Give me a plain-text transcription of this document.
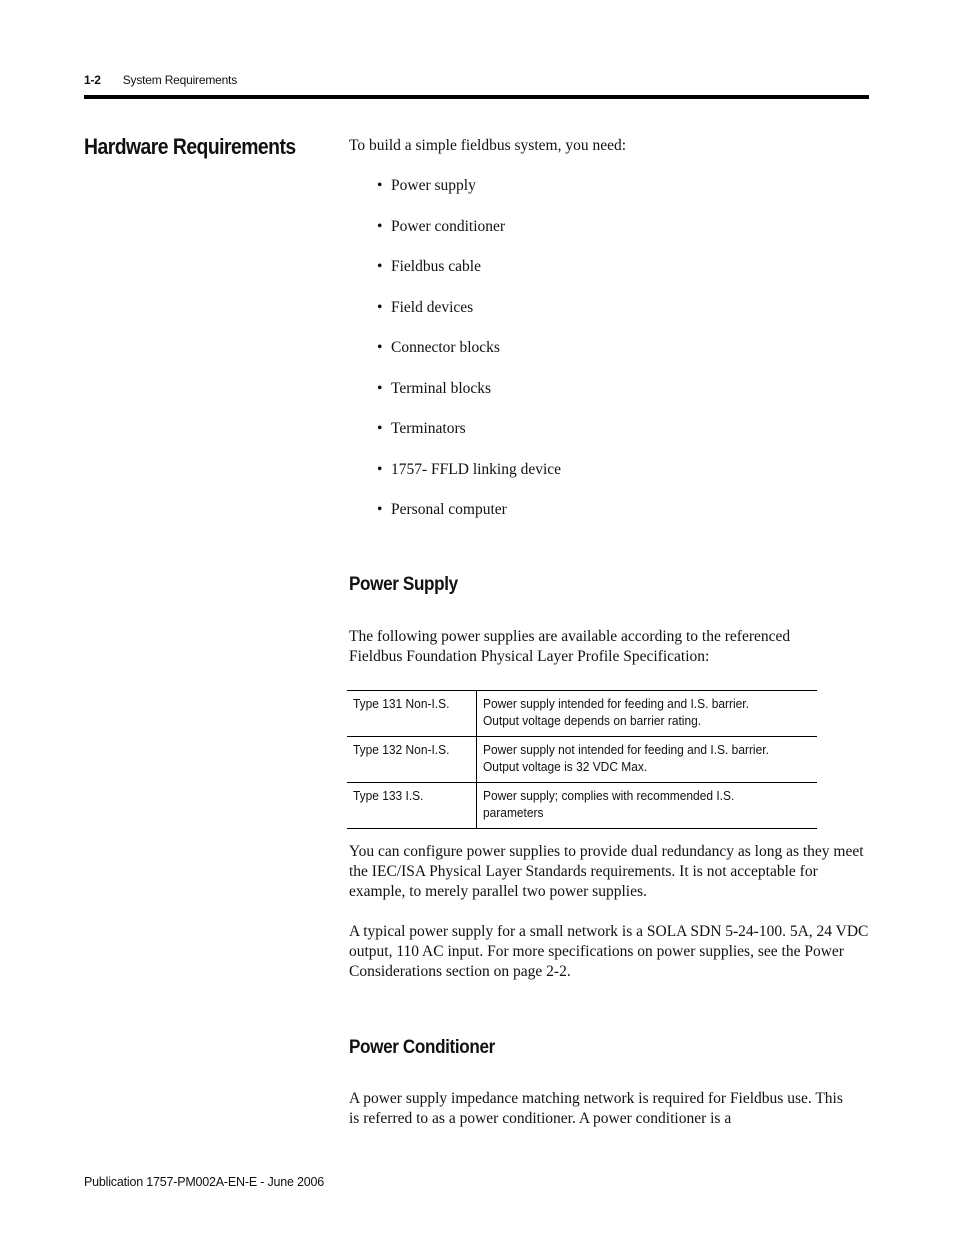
1-2 System Requirements
Hardware Requirements	To build a simple fieldbus system, you need:

• Power supply
• Power conditioner
• Fieldbus cable
• Field devices
• Connector blocks
• Terminal blocks
• Terminators
• 1757- FFLD linking device
• Personal computer
Power Supply

The following power supplies are available according to the referenced Fieldbus Foundation Physical Layer Profile Specification:

Type 131 Non-I.S.	Power supply intended for feeding and I.S. barrier. Output voltage depends on barrier rating.
Type 132 Non-I.S.	Power supply not intended for feeding and I.S. barrier. Output voltage is 32 VDC Max.
Type 133 I.S.	Power supply; complies with recommended I.S. parameters

You can configure power supplies to provide dual redundancy as long as they meet the IEC/ISA Physical Layer Standards requirements. It is not acceptable for example, to merely parallel two power supplies.

A typical power supply for a small network is a SOLA SDN 5-24-100. 5A, 24 VDC output, 110 AC input. For more specifications on power supplies, see the Power Considerations section on page 2-2.

Power Conditioner

A power supply impedance matching network is required for Fieldbus use. This is referred to as a power conditioner. A power conditioner is a

Publication 1757-PM002A-EN-E - June 2006
